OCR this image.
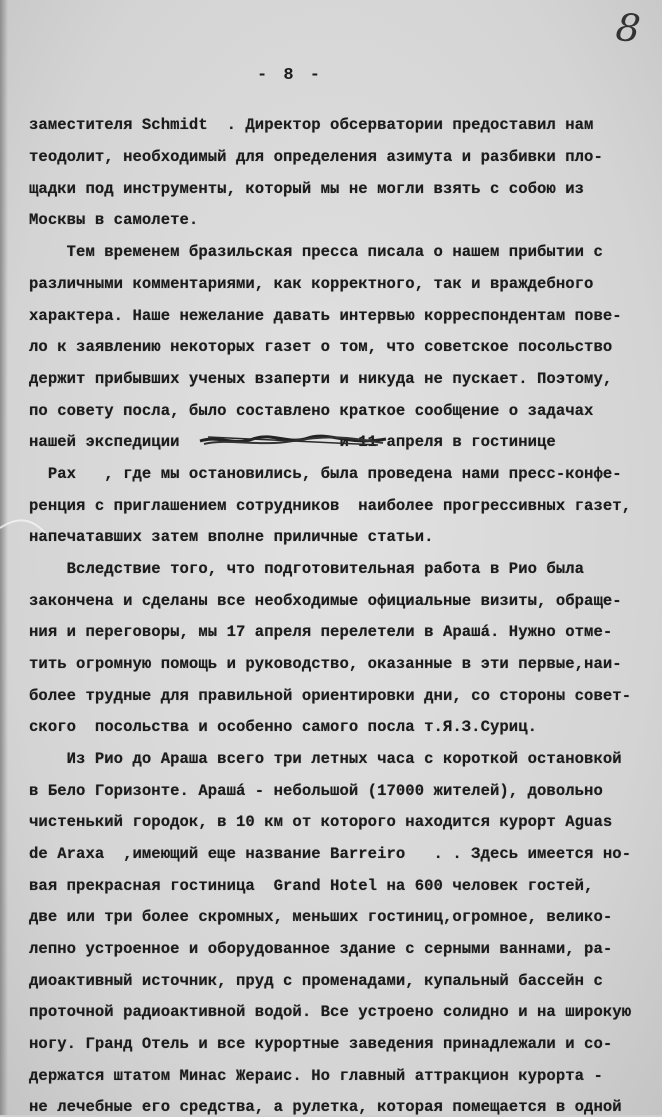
8
- 8 -
заместителя Schmidt  . Директор обсерватории предоставил нам
теодолит, необходимый для определения азимута и разбивки пло-
щадки под инструменты, который мы не могли взять с собою из
Москвы в самолете.
Тем временем бразильская пресса писала о нашем прибытии с
различными комментариями, как корректного, так и враждебного
характера. Наше нежелание давать интервью корреспондентам пове-
ло к заявлению некоторых газет о том, что советское посольство
держит прибывших ученых взаперти и никуда не пускает. Поэтому,
по совету посла, было составлено краткое сообщение о задачах
нашей экспедиции                 и 11 апреля в гостинице
Pax   , где мы остановились, была проведена нами пресс-конфе-
ренция с приглашением сотрудников  наиболее прогрессивных газет,
напечатавших затем вполне приличные статьи.
Вследствие того, что подготовительная работа в Рио была
закончена и сделаны все необходимые официальные визиты, обраще-
ния и переговоры, мы 17 апреля перелетели в Арашá. Нужно отме-
тить огромную помощь и руководство, оказанные в эти первые,наи-
более трудные для правильной ориентировки дни, со стороны совет-
ского  посольства и особенно самого посла т.Я.З.Суриц.
Из Рио до Араша всего три летных часа с короткой остановкой
в Бело Горизонте. Арашá - небольшой (17000 жителей), довольно
чистенький городок, в 10 км от которого находится курорт Aguas
de Araxa  ,имеющий еще название Barreiro   . . Здесь имеется но-
вая прекрасная гостиница  Grand Hotel на 600 человек гостей,
две или три более скромных, меньших гостиниц,огромное, велико-
лепно устроенное и оборудованное здание с серными ваннами, ра-
диоактивный источник, пруд с променадами, купальный бассейн с
проточной радиоактивной водой. Все устроено солидно и на широкую
ногу. Гранд Отель и все курортные заведения принадлежали и со-
держатся штатом Минас Жераис. Но главный аттракцион курорта -
не лечебные его средства, а рулетка, которая помещается в одной
